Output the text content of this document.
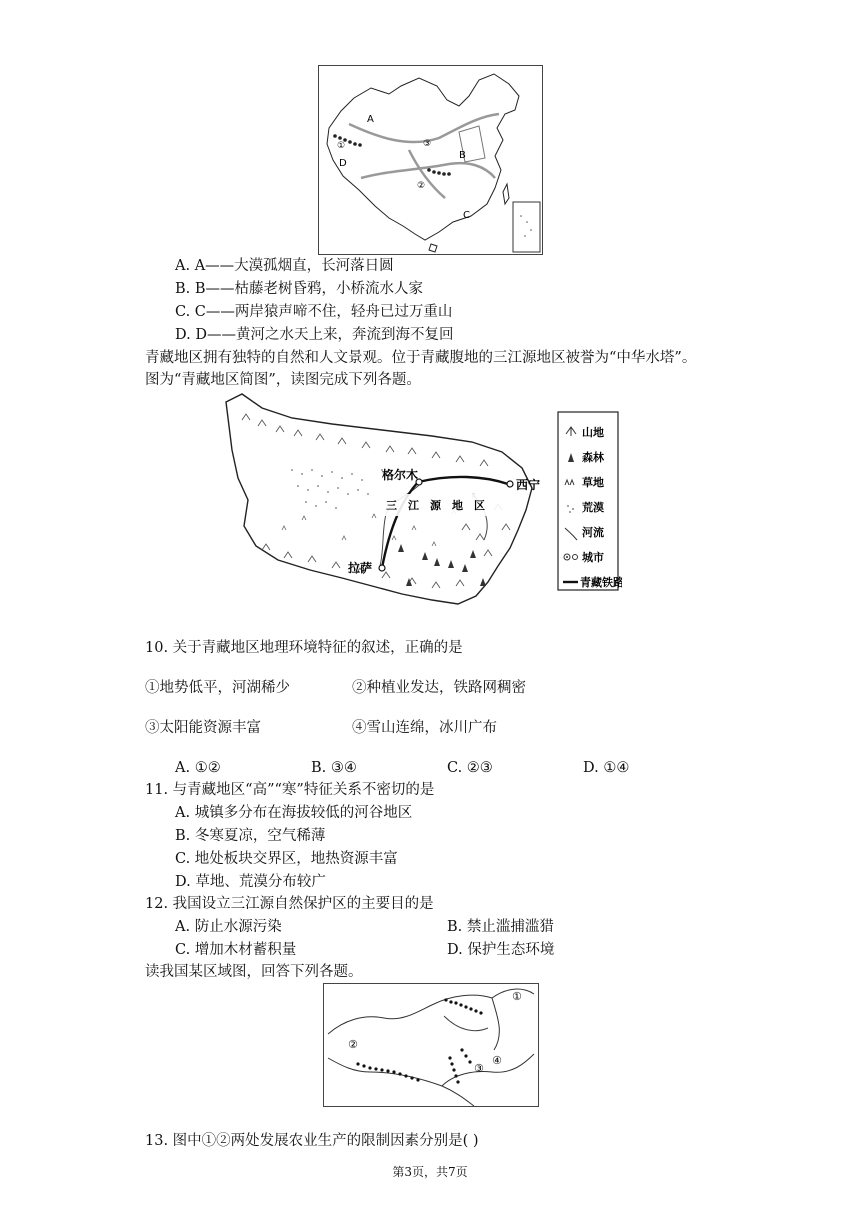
A
B
C
D
①
②
③
A. A——大漠孤烟直，长河落日圆
B. B——枯藤老树昏鸦，小桥流水人家
C. C——两岸猿声啼不住，轻舟已过万重山
D. D——黄河之水天上来，奔流到海不复回
青藏地区拥有独特的自然和人文景观。位于青藏腹地的三江源地区被誉为“中华水塔”。
图为“青藏地区简图”，读图完成下列各题。
三 江 源 地 区
格尔木
西宁
拉萨
山地
森林
草地
荒漠
河流
城市
青藏铁路
10. 关于青藏地区地理环境特征的叙述，正确的是
①地势低平，河湖稀少	②种植业发达，铁路网稠密
③太阳能资源丰富	④雪山连绵，冰川广布
A. ①②	B. ③④	C. ②③	D. ①④
11. 与青藏地区“高”“寒”特征关系不密切的是
A. 城镇多分布在海拔较低的河谷地区
B. 冬寒夏凉，空气稀薄
C. 地处板块交界区，地热资源丰富
D. 草地、荒漠分布较广
12. 我国设立三江源自然保护区的主要目的是
A. 防止水源污染	B. 禁止滥捕滥猎
C. 增加木材蓄积量	D. 保护生态环境
读我国某区域图，回答下列各题。
①
②
③
④
13. 图中①②两处发展农业生产的限制因素分别是( )
第3页，共7页
